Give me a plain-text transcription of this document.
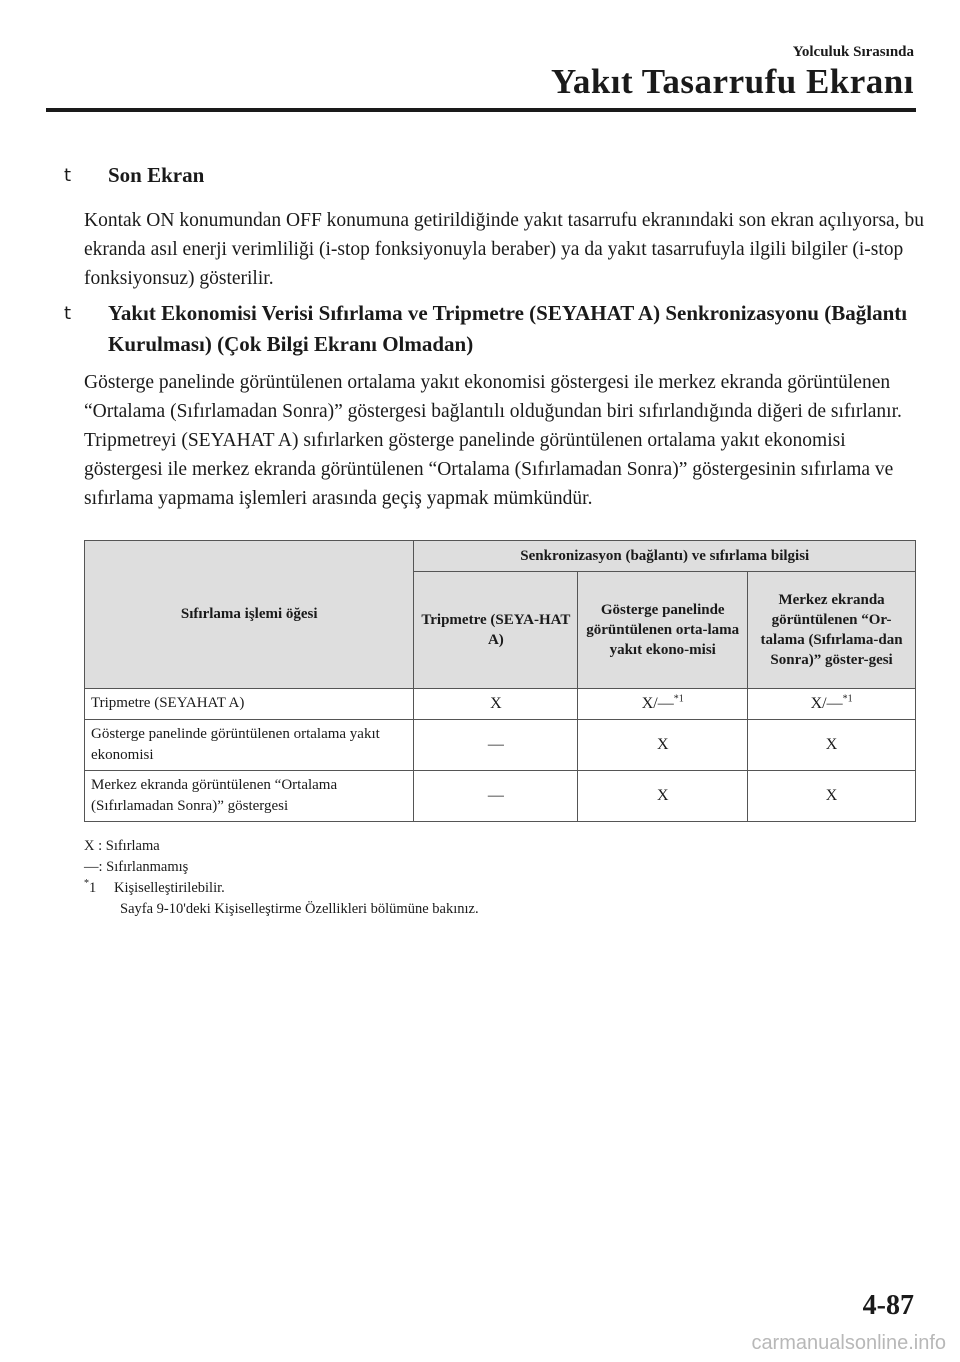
Yolculuk Sırasında
Yakıt Tasarrufu Ekranı
t Son Ekran
Kontak ON konumundan OFF konumuna getirildiğinde yakıt tasarrufu ekranındaki son ekran açılıyorsa, bu ekranda asıl enerji verimliliği (i-stop fonksiyonuyla beraber) ya da yakıt tasarrufuyla ilgili bilgiler (i-stop fonksiyonsuz) gösterilir.
t Yakıt Ekonomisi Verisi Sıfırlama ve Tripmetre (SEYAHAT A) Senkronizasyonu (Bağlantı Kurulması) (Çok Bilgi Ekranı Olmadan)
Gösterge panelinde görüntülenen ortalama yakıt ekonomisi göstergesi ile merkez ekranda görüntülenen “Ortalama (Sıfırlamadan Sonra)” göstergesi bağlantılı olduğundan biri sıfırlandığında diğeri de sıfırlanır.
Tripmetreyi (SEYAHAT A) sıfırlarken gösterge panelinde görüntülenen ortalama yakıt ekonomisi göstergesi ile merkez ekranda görüntülenen “Ortalama (Sıfırlamadan Sonra)” göstergesinin sıfırlama ve sıfırlama yapmama işlemleri arasında geçiş yapmak mümkündür.
Sıfırlama işlemi öğesi	Senkronizasyon (bağlantı) ve sıfırlama bilgisi		
	Tripmetre (SEYA-HAT A)	Gösterge panelinde görüntülenen orta-lama yakıt ekono-misi	Merkez ekranda görüntülenen “Or-talama (Sıfırlama-dan Sonra)” göster-gesi
Tripmetre (SEYAHAT A)	X	X/—$^{*1}$	X/—$^{*1}$
Gösterge panelinde görüntülenen ortalama yakıt ekonomisi	—	X	X
Merkez ekranda görüntülenen “Ortalama (Sıfırlamadan Sonra)” göstergesi	—	X	X
X : Sıfırlama
—: Sıfırlanmamış
*1	Kişiselleştirilebilir.
Sayfa 9-10'deki Kişiselleştirme Özellikleri bölümüne bakınız.
4-87
carmanualsonline.info
